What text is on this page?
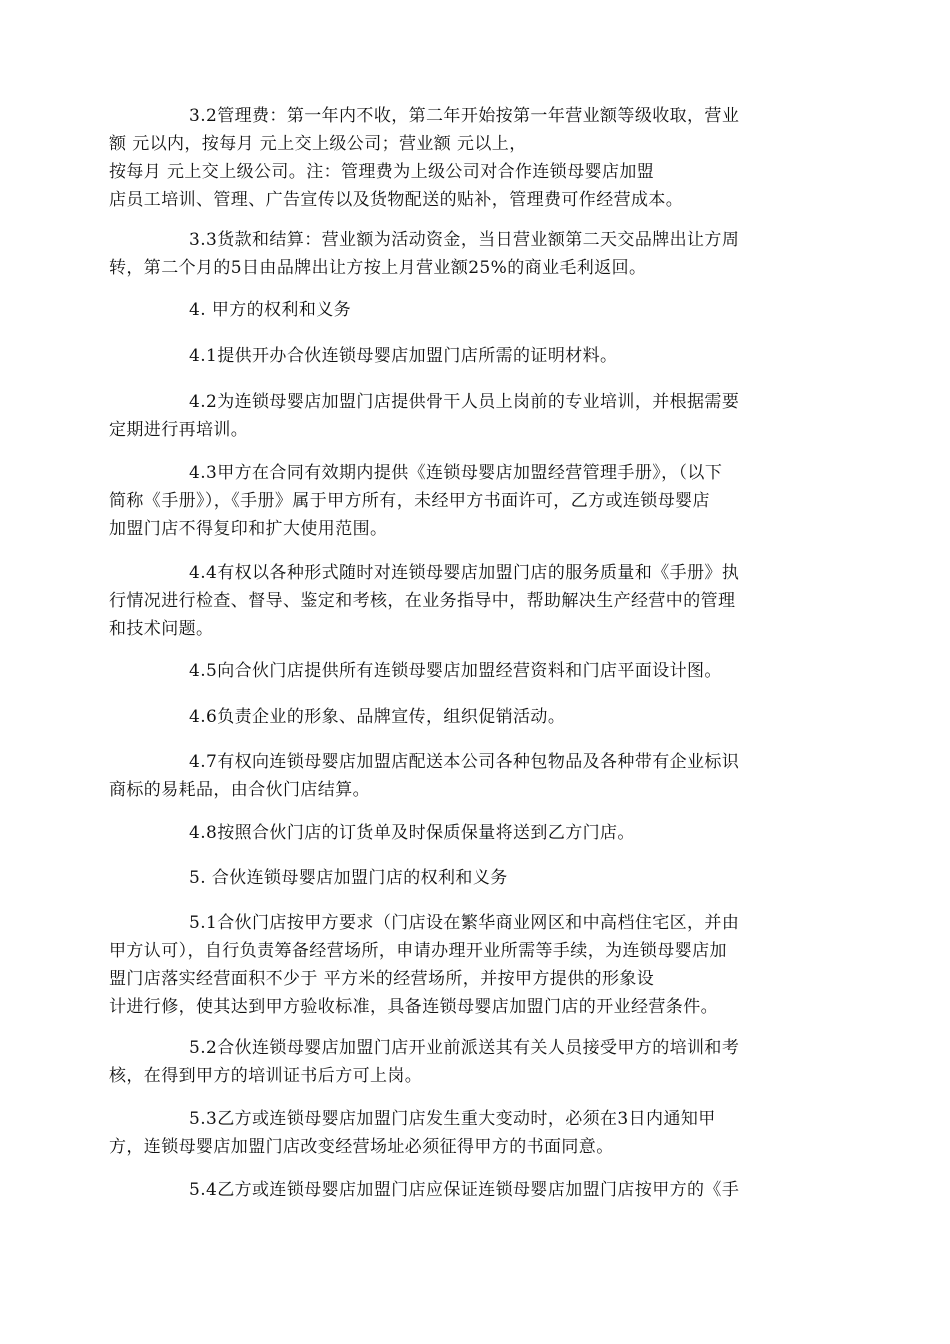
3.2管理费：第一年内不收，第二年开始按第一年营业额等级收取，营业
额 元以内，按每月 元上交上级公司；营业额 元以上，
按每月 元上交上级公司。注：管理费为上级公司对合作连锁母婴店加盟
店员工培训、管理、广告宣传以及货物配送的贴补，管理费可作经营成本。
3.3货款和结算：营业额为活动资金，当日营业额第二天交品牌出让方周
转，第二个月的5日由品牌出让方按上月营业额25%的商业毛利返回。
4. 甲方的权利和义务
4.1提供开办合伙连锁母婴店加盟门店所需的证明材料。
4.2为连锁母婴店加盟门店提供骨干人员上岗前的专业培训，并根据需要
定期进行再培训。
4.3甲方在合同有效期内提供《连锁母婴店加盟经营管理手册》，（以下
简称《手册》），《手册》属于甲方所有，未经甲方书面许可，乙方或连锁母婴店
加盟门店不得复印和扩大使用范围。
4.4有权以各种形式随时对连锁母婴店加盟门店的服务质量和《手册》执
行情况进行检查、督导、鉴定和考核，在业务指导中，帮助解决生产经营中的管理
和技术问题。
4.5向合伙门店提供所有连锁母婴店加盟经营资料和门店平面设计图。
4.6负责企业的形象、品牌宣传，组织促销活动。
4.7有权向连锁母婴店加盟店配送本公司各种包物品及各种带有企业标识
商标的易耗品，由合伙门店结算。
4.8按照合伙门店的订货单及时保质保量将送到乙方门店。
5. 合伙连锁母婴店加盟门店的权利和义务
5.1合伙门店按甲方要求（门店设在繁华商业网区和中高档住宅区，并由
甲方认可），自行负责筹备经营场所，申请办理开业所需等手续，为连锁母婴店加
盟门店落实经营面积不少于 平方米的经营场所，并按甲方提供的形象设
计进行修，使其达到甲方验收标准，具备连锁母婴店加盟门店的开业经营条件。
5.2合伙连锁母婴店加盟门店开业前派送其有关人员接受甲方的培训和考
核，在得到甲方的培训证书后方可上岗。
5.3乙方或连锁母婴店加盟门店发生重大变动时，必须在3日内通知甲
方，连锁母婴店加盟门店改变经营场址必须征得甲方的书面同意。
5.4乙方或连锁母婴店加盟门店应保证连锁母婴店加盟门店按甲方的《手
